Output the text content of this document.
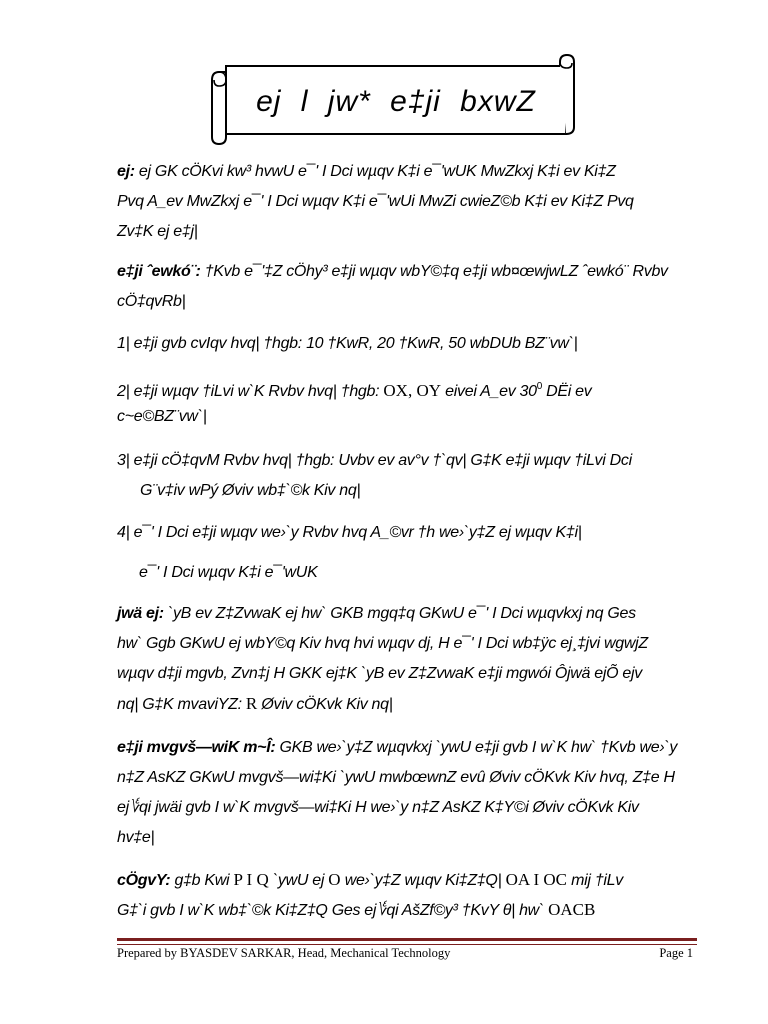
ej l jw* e‡ji bxwZ
ej: ej GK cÖKvi kw³ hvwU e¯' I Dci wµqv K‡i e¯'wUK MwZkxj K‡i ev Ki‡Z
Pvq A_ev MwZkxj e¯' I Dci wµqv K‡i e¯'wUi MwZi cwieZ©b K‡i ev Ki‡Z Pvq
Zv‡K ej e‡j|
e‡ji ˆewkó¨: †Kvb e¯'‡Z cÖhy³ e‡ji wµqv wbY©‡q e‡ji wb¤œwjwLZ ˆewkó¨ Rvbv
cÖ‡qvRb|
1| e‡ji gvb cvIqv hvq| †hgb: 10 †KwR, 20 †KwR, 50 wbDUb BZ¨vw`|
2| e‡ji wµqv †iLvi w`K Rvbv hvq| †hgb: OX, OY eivei A_ev $30^0$ DËi ev
c~e©BZ¨vw`|
3| e‡ji cÖ‡qvM Rvbv hvq| †hgb: Uvbv ev av°v †`qv| G‡K e‡ji wµqv †iLvi Dci
G¨v‡iv wPý Øviv wb‡`©k Kiv nq|
4| e¯' I Dci e‡ji wµqv we›`y Rvbv hvq A_©vr †h we›`y‡Z ej wµqv K‡i|
e¯' I Dci wµqv K‡i e¯'wUK
jwä ej: `yB ev Z‡ZvwaK ej hw` GKB mgq‡q GKwU e¯' I Dci wµqvkxj nq Ges
hw` Ggb GKwU ej wbY©q Kiv hvq hvi wµqv dj, H e¯' I Dci wb‡ÿc ej¸‡jvi wgwjZ
wµqv d‡ji mgvb, Zvn‡j H GKK ej‡K `yB ev Z‡ZvwaK e‡ji mgwói Ôjwä ejÕ ejv
nq| G‡K mvaviYZ: R Øviv cÖKvk Kiv nq|
e‡ji mvgvš—wiK m~Î: GKB we›`y‡Z wµqvkxj `ywU e‡ji gvb I w`K hw` †Kvb we›`y
n‡Z AsKZ GKwU mvgvš—wi‡Ki `ywU mwbœwnZ evû Øviv cÖKvk Kiv hvq, Z‡e H
ej؇qi jwäi gvb I w`K mvgvš—wi‡Ki H we›`y n‡Z AsKZ K‡Y©i Øviv cÖKvk Kiv
hv‡e|
cÖgvY: g‡b Kwi P I Q `ywU ej O we›`y‡Z wµqv Ki‡Z‡Q| OA I OC mij †iLv
G‡`i gvb I w`K wb‡`©k Ki‡Z‡Q Ges ej؇qi AšZf©y³ †KvY θ| hw` OACB
Prepared by BYASDEV SARKAR, Head, Mechanical Technology	Page 1
